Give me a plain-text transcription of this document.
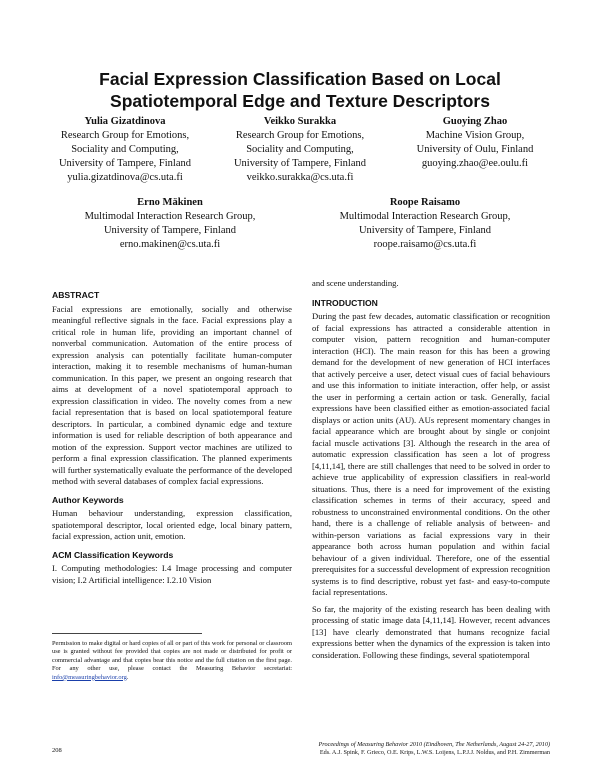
Facial Expression Classification Based on Local
Spatiotemporal Edge and Texture Descriptors
Yulia Gizatdinova
Research Group for Emotions,
Sociality and Computing,
University of Tampere, Finland
yulia.gizatdinova@cs.uta.fi
Veikko Surakka
Research Group for Emotions,
Sociality and Computing,
University of Tampere, Finland
veikko.surakka@cs.uta.fi
Guoying Zhao
Machine Vision Group,
University of Oulu, Finland
guoying.zhao@ee.oulu.fi
Erno Mäkinen
Multimodal Interaction Research Group,
University of Tampere, Finland
erno.makinen@cs.uta.fi
Roope Raisamo
Multimodal Interaction Research Group,
University of Tampere, Finland
roope.raisamo@cs.uta.fi
ABSTRACT

Facial expressions are emotionally, socially and otherwise meaningful reflective signals in the face. Facial expressions play a critical role in human life, providing an important channel of nonverbal communication. Automation of the entire process of expression analysis can potentially facilitate human-computer interaction, making it to resemble mechanisms of human-human communication. In this paper, we present an ongoing research that aims at development of a novel spatiotemporal approach to expression classification in video. The novelty comes from a new facial representation that is based on local spatiotemporal feature descriptors. In particular, a combined dynamic edge and texture information is used for reliable description of both appearance and motion of the expression. Support vector machines are utilized to perform a final expression classification. The planned experiments will further systematically evaluate the performance of the developed method with several databases of complex facial expressions.

Author Keywords

Human behaviour understanding, expression classification, spatiotemporal descriptor, local oriented edge, local binary pattern, facial expression, action unit, emotion.

ACM Classification Keywords

I. Computing methodologies: I.4 Image processing and computer vision; I.2 Artificial intelligence: I.2.10 Vision

and scene understanding.

INTRODUCTION

During the past few decades, automatic classification or recognition of facial expressions has attracted a considerable attention in computer vision, pattern recognition and human-computer interaction (HCI). The main reason for this has been a growing demand for the development of new generation of HCI interfaces that actively perceive a user, detect visual cues of facial behaviours and use this information to initiate interaction, offer help, or assist the user in performing a certain action or task. Generally, facial expressions have been classified either as emotion-associated facial displays or action units (AU). AUs represent momentary changes in facial appearance which are brought about by single or conjoint facial muscle activations [3]. Although the research in the area of automatic expression classification has seen a lot of progress [4,11,14], there are still challenges that need to be solved in order to achieve true applicability of expression classifiers in real-world situations. Thus, there is a need for improvement of the existing classification schemes in terms of their accuracy, speed and robustness to unconstrained environmental conditions. On the other hand, there is a challenge of reliable analysis of between- and within-person variations as facial expressions vary in their appearance both across human population and within facial behaviour of a given individual. Therefore, one of the essential prerequisites for a successful development of expression recognition systems is to find descriptive, robust yet fast- and easy-to-compute facial representations.

So far, the majority of the existing research has been dealing with processing of static image data [4,11,14]. However, recent advances [13] have clearly demonstrated that humans recognize facial expressions better when the dynamics of the expression is taken into consideration. Following these findings, several spatiotemporal

Permission to make digital or hard copies of all or part of this work for personal or classroom use is granted without fee provided that copies are not made or distributed for profit or commercial advantage and that copies bear this notice and the full citation on the first page. For any other use, please contact the Measuring Behavior secretariat: info@measuringbehavior.org.
208
Proceedings of Measuring Behavior 2010 (Eindhoven, The Netherlands, August 24-27, 2010)
Eds. A.J. Spink, F. Grieco, O.E. Krips, L.W.S. Loijens, L.P.J.J. Noldus, and P.H. Zimmerman
